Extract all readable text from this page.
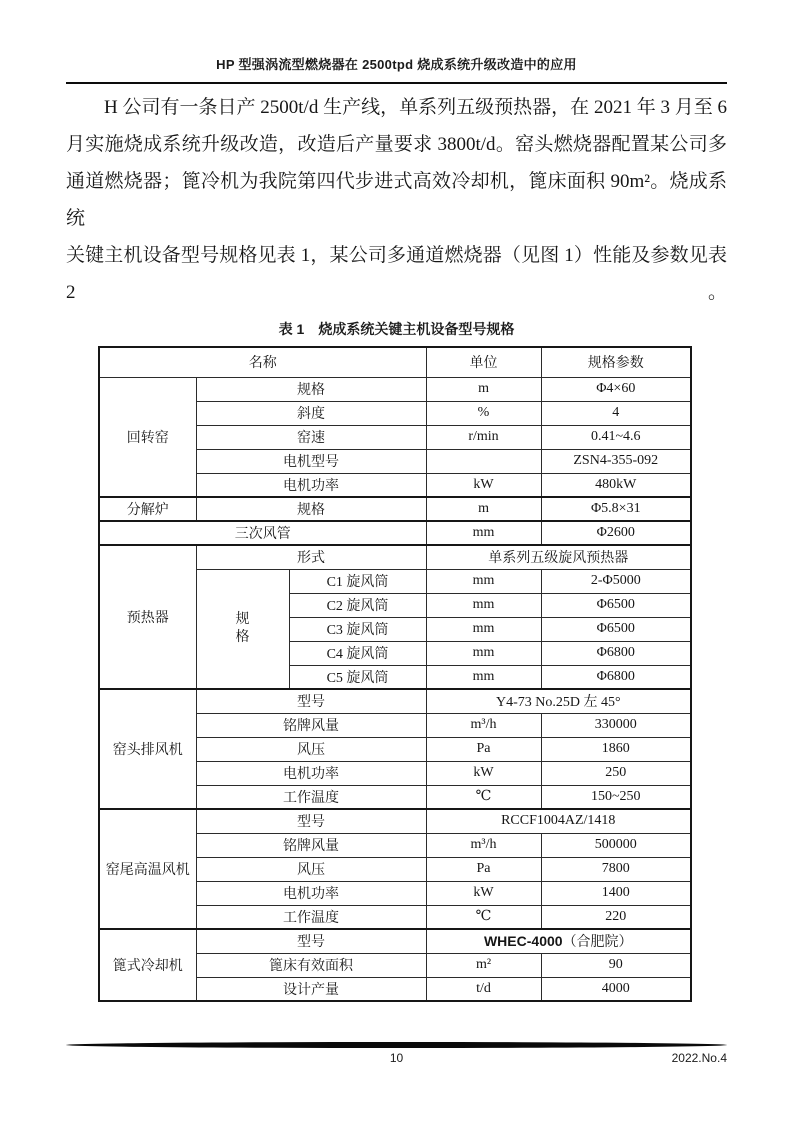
HP 型强涡流型燃烧器在 2500tpd 烧成系统升级改造中的应用
H 公司有一条日产 2500t/d 生产线，单系列五级预热器，在 2021 年 3 月至 6
月实施烧成系统升级改造，改造后产量要求 3800t/d。窑头燃烧器配置某公司多
通道燃烧器；篦冷机为我院第四代步进式高效冷却机，篦床面积 90m²。烧成系统
关键主机设备型号规格见表 1，某公司多通道燃烧器（见图 1）性能及参数见表 2。
表 1　烧成系统关键主机设备型号规格
名称			单位	规格参数
回转窑	规格		m	Φ4×60
	斜度		%	4
	窑速		r/min	0.41~4.6
	电机型号			ZSN4-355-092
	电机功率		kW	480kW
分解炉	规格		m	Φ5.8×31
三次风管			mm	Φ2600
预热器	形式		单系列五级旋风预热器	
	规格	C1 旋风筒	mm	2-Φ5000
		C2 旋风筒	mm	Φ6500
		C3 旋风筒	mm	Φ6500
		C4 旋风筒	mm	Φ6800
		C5 旋风筒	mm	Φ6800
窑头排风机	型号		Y4-73 No.25D 左 45°	
	铭牌风量		m³/h	330000
	风压		Pa	1860
	电机功率		kW	250
	工作温度		℃	150~250
窑尾高温风机	型号		RCCF1004AZ/1418	
	铭牌风量		m³/h	500000
	风压		Pa	7800
	电机功率		kW	1400
	工作温度		℃	220
篦式冷却机	型号		WHEC-4000（合肥院）	
	篦床有效面积		m²	90
	设计产量		t/d	4000
10	2022.No.4
